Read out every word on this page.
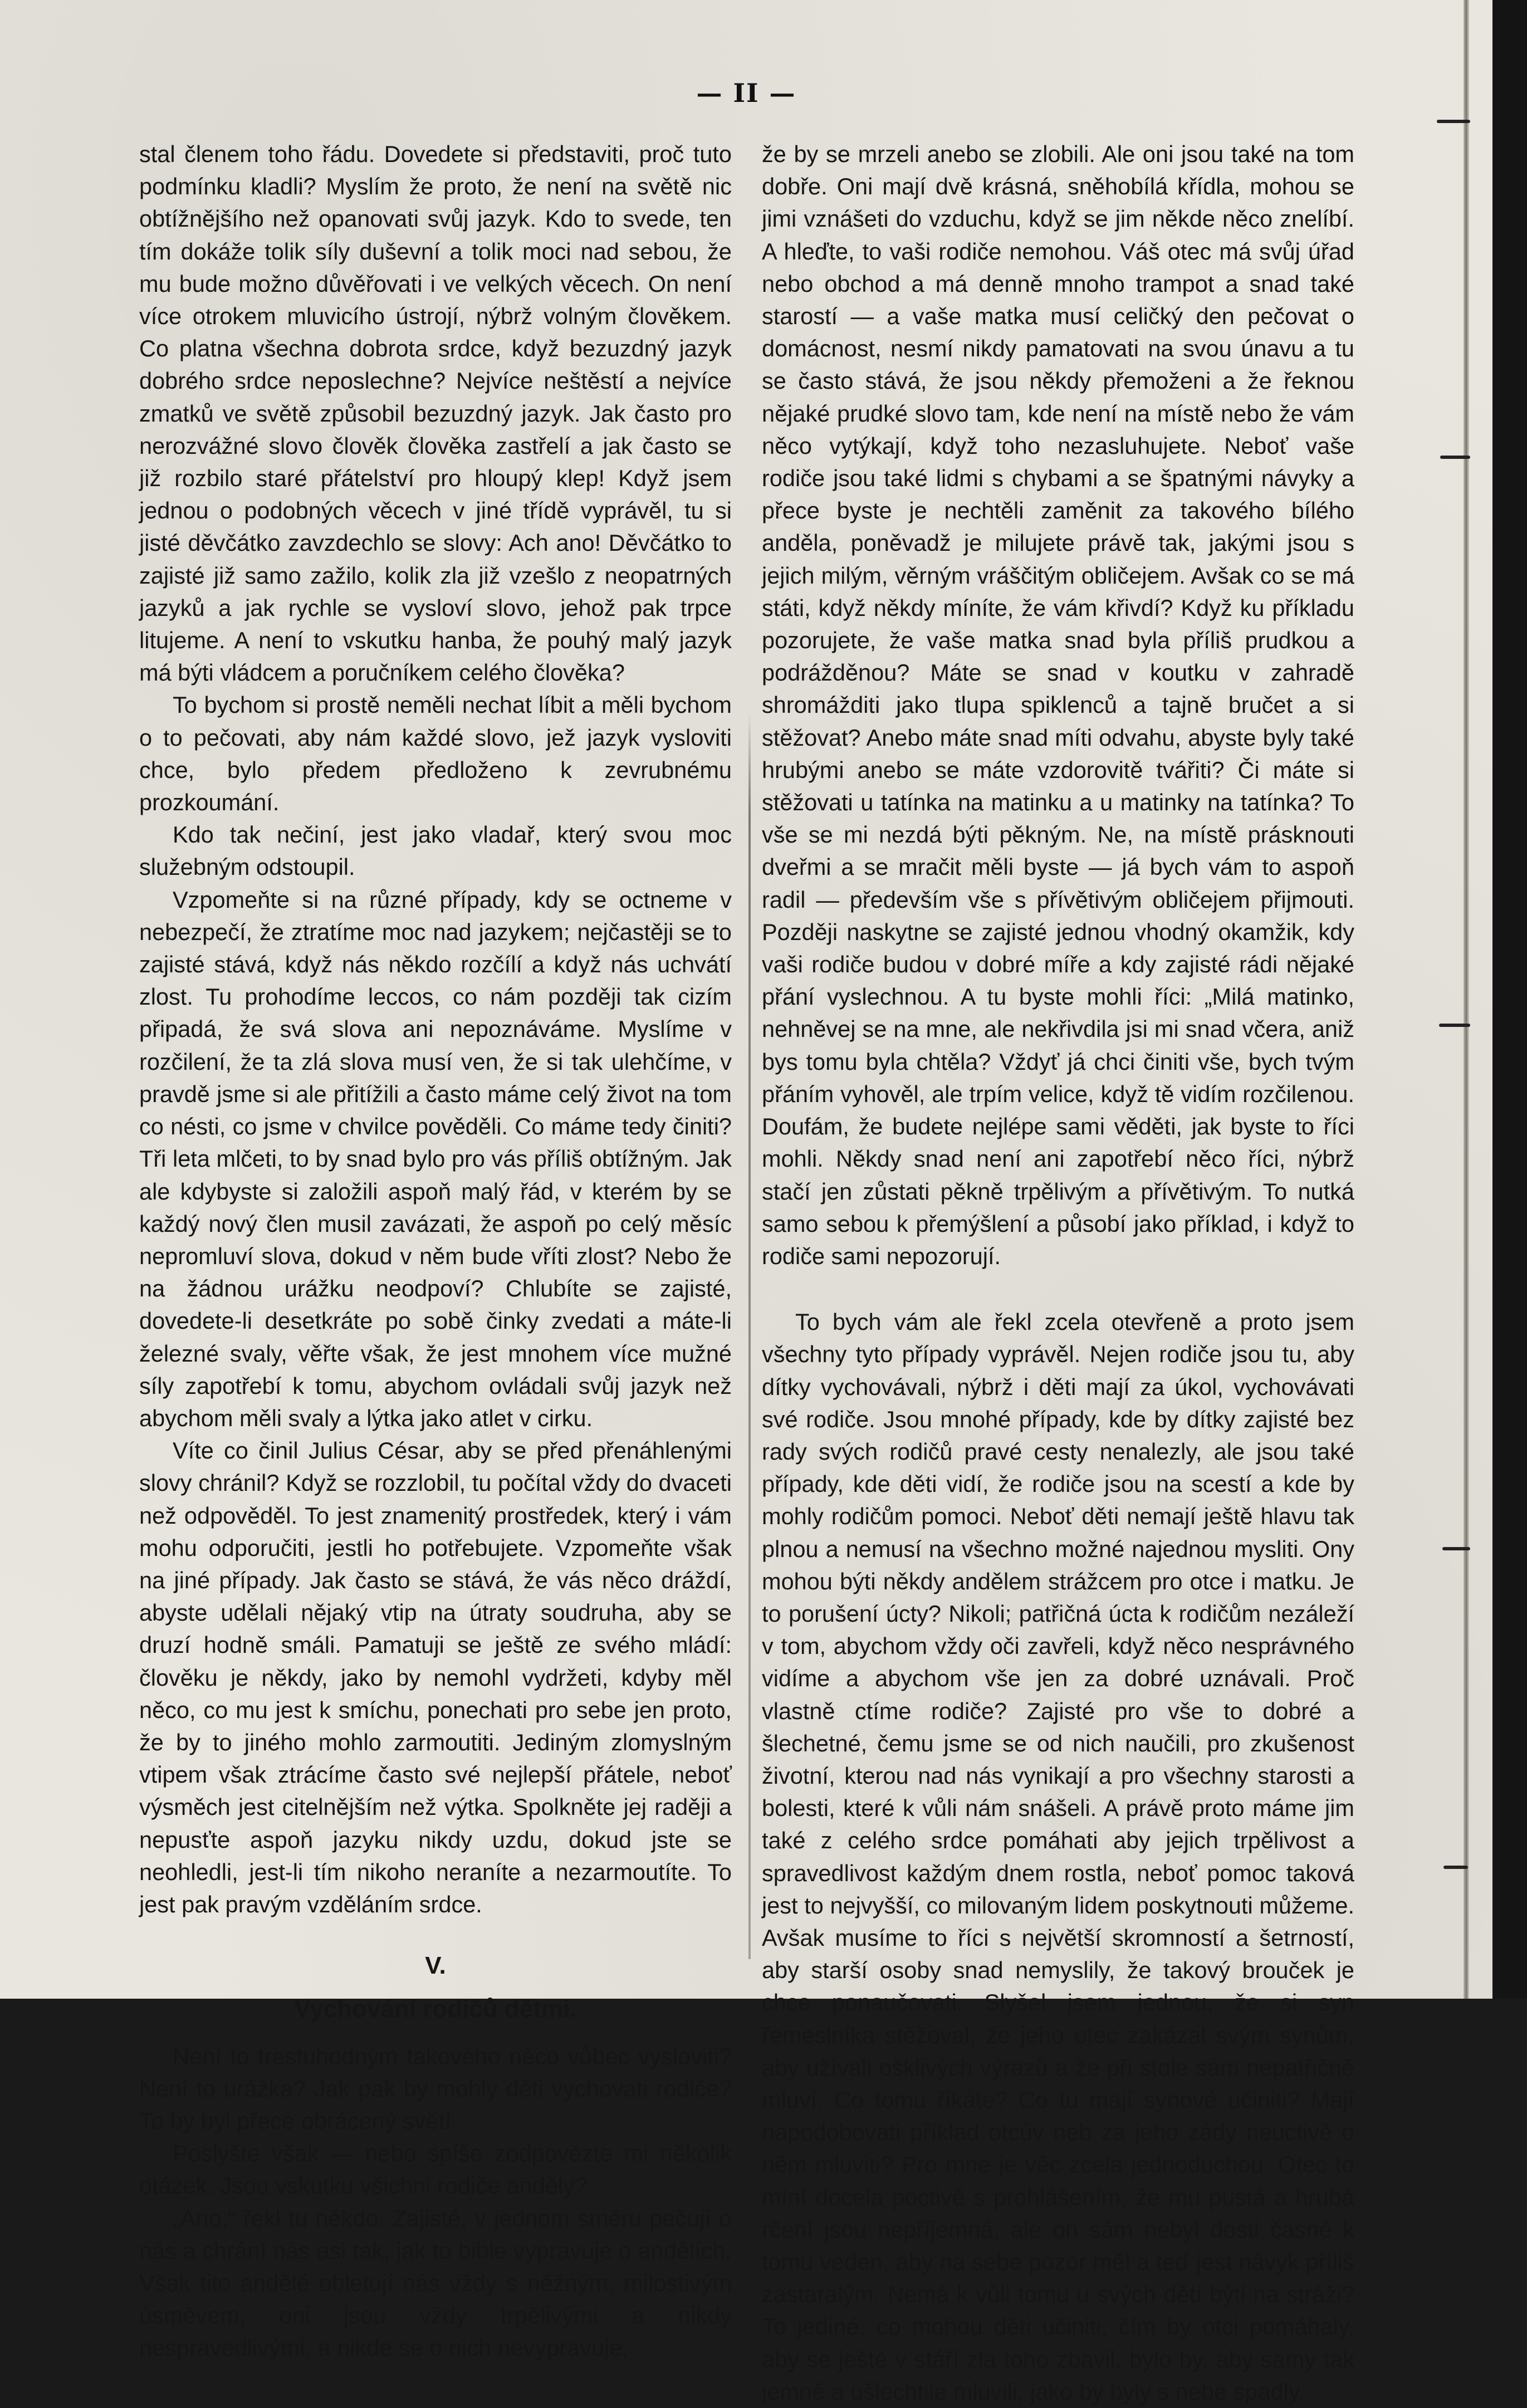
— II —

stal členem toho řádu. Dovedete si představiti, proč tuto podmínku kladli? Myslím že proto, že není na světě nic obtížnějšího než opanovati svůj jazyk. Kdo to svede, ten tím dokáže tolik síly duševní a tolik moci nad sebou, že mu bude možno důvěřovati i ve velkých věcech. On není více otrokem mluvicího ústrojí, nýbrž volným člověkem. Co platna všechna dobrota srdce, když bezuzdný jazyk dobrého srdce neposlechne? Nejvíce neštěstí a nejvíce zmatků ve světě způsobil bezuzdný jazyk. Jak často pro nerozvážné slovo člověk člověka zastřelí a jak často se již rozbilo staré přátelství pro hloupý klep! Když jsem jednou o podobných věcech v jiné třídě vyprávěl, tu si jisté děvčátko zavzdechlo se slovy: Ach ano! Děvčátko to zajisté již samo zažilo, kolik zla již vzešlo z neopatrných jazyků a jak rychle se vysloví slovo, jehož pak trpce litujeme. A není to vskutku hanba, že pouhý malý jazyk má býti vládcem a poručníkem celého člověka?

To bychom si prostě neměli nechat líbit a měli bychom o to pečovati, aby nám každé slovo, jež jazyk vysloviti chce, bylo předem předloženo k zevrubnému prozkoumání.

Kdo tak nečiní, jest jako vladař, který svou moc služebným odstoupil.

Vzpomeňte si na různé případy, kdy se octneme v nebezpečí, že ztratíme moc nad jazykem; nejčastěji se to zajisté stává, když nás někdo rozčílí a když nás uchvátí zlost. Tu prohodíme leccos, co nám později tak cizím připadá, že svá slova ani nepoznáváme. Myslíme v rozčilení, že ta zlá slova musí ven, že si tak ulehčíme, v pravdě jsme si ale přitížili a často máme celý život na tom co nésti, co jsme v chvilce pověděli. Co máme tedy činiti? Tři leta mlčeti, to by snad bylo pro vás příliš obtížným. Jak ale kdybyste si založili aspoň malý řád, v kterém by se každý nový člen musil zavázati, že aspoň po celý měsíc nepromluví slova, dokud v něm bude vříti zlost? Nebo že na žádnou urážku neodpoví? Chlubíte se zajisté, dovedete-li desetkráte po sobě činky zvedati a máte-li železné svaly, věřte však, že jest mnohem více mužné síly zapotřebí k tomu, abychom ovládali svůj jazyk než abychom měli svaly a lýtka jako atlet v cirku.

Víte co činil Julius César, aby se před přenáhlenými slovy chránil? Když se rozzlobil, tu počítal vždy do dvaceti než odpověděl. To jest znamenitý prostředek, který i vám mohu odporučiti, jestli ho potřebujete. Vzpomeňte však na jiné případy. Jak často se stává, že vás něco dráždí, abyste udělali nějaký vtip na útraty soudruha, aby se druzí hodně smáli. Pamatuji se ještě ze svého mládí: člověku je někdy, jako by nemohl vydržeti, kdyby měl něco, co mu jest k smíchu, ponechati pro sebe jen proto, že by to jiného mohlo zarmoutiti. Jediným zlomyslným vtipem však ztrácíme často své nejlepší přátele, neboť výsměch jest citelnějším než výtka. Spolkněte jej raději a nepusťte aspoň jazyku nikdy uzdu, dokud jste se neohledli, jest-li tím nikoho neraníte a nezarmoutíte. To jest pak pravým vzděláním srdce.

V.
Vychování rodičů dětmi.

Není to trestuhodným takového něco vůbec vysloviti? Není to urážka? Jak pak by mohly děti vychovati rodiče? To by byl přece obrácený svět!

Poslyšte však — nebo spíše zodpovězte mi několik otázek. Jsou vskutku všichni rodiče anděly?

„Ano,“ řekl tu někdo. Zajisté, v jednom směru pečují o nás a chrání nás asi tak, jak to bible vypravuje o andělích. Však tito andělé obletují nás vždy s něžným, milostivým úsměvem, oni jsou vždy trpělivými a nikdy nespravedlivými, a nikde se o nich nevypravuje,

že by se mrzeli anebo se zlobili. Ale oni jsou také na tom dobře. Oni mají dvě krásná, sněhobílá křídla, mohou se jimi vznášeti do vzduchu, když se jim někde něco znelíbí. A hleďte, to vaši rodiče nemohou. Váš otec má svůj úřad nebo obchod a má denně mnoho trampot a snad také starostí — a vaše matka musí celičký den pečovat o domácnost, nesmí nikdy pamatovati na svou únavu a tu se často stává, že jsou někdy přemoženi a že řeknou nějaké prudké slovo tam, kde není na místě nebo že vám něco vytýkají, když toho nezasluhujete. Neboť vaše rodiče jsou také lidmi s chybami a se špatnými návyky a přece byste je nechtěli zaměnit za takového bílého anděla, poněvadž je milujete právě tak, jakými jsou s jejich milým, věrným vráščitým obličejem. Avšak co se má státi, když někdy míníte, že vám křivdí? Když ku příkladu pozorujete, že vaše matka snad byla příliš prudkou a podrážděnou? Máte se snad v koutku v zahradě shromážditi jako tlupa spiklenců a tajně bručet a si stěžovat? Anebo máte snad míti odvahu, abyste byly také hrubými anebo se máte vzdorovitě tvářiti? Či máte si stěžovati u tatínka na matinku a u matinky na tatínka? To vše se mi nezdá býti pěkným. Ne, na místě prásknouti dveřmi a se mračit měli byste — já bych vám to aspoň radil — především vše s přívětivým obličejem přijmouti. Později naskytne se zajisté jednou vhodný okamžik, kdy vaši rodiče budou v dobré míře a kdy zajisté rádi nějaké přání vyslechnou. A tu byste mohli říci: „Milá matinko, nehněvej se na mne, ale nekřivdila jsi mi snad včera, aniž bys tomu byla chtěla? Vždyť já chci činiti vše, bych tvým přáním vyhověl, ale trpím velice, když tě vidím rozčilenou. Doufám, že budete nejlépe sami věděti, jak byste to říci mohli. Někdy snad není ani zapotřebí něco říci, nýbrž stačí jen zůstati pěkně trpělivým a přívětivým. To nutká samo sebou k přemýšlení a působí jako příklad, i když to rodiče sami nepozorují.

To bych vám ale řekl zcela otevřeně a proto jsem všechny tyto případy vyprávěl. Nejen rodiče jsou tu, aby dítky vychovávali, nýbrž i děti mají za úkol, vychovávati své rodiče. Jsou mnohé případy, kde by dítky zajisté bez rady svých rodičů pravé cesty nenalezly, ale jsou také případy, kde děti vidí, že rodiče jsou na scestí a kde by mohly rodičům pomoci. Neboť děti nemají ještě hlavu tak plnou a nemusí na všechno možné najednou mysliti. Ony mohou býti někdy andělem strážcem pro otce i matku. Je to porušení úcty? Nikoli; patřičná úcta k rodičům nezáleží v tom, abychom vždy oči zavřeli, když něco nesprávného vidíme a abychom vše jen za dobré uznávali. Proč vlastně ctíme rodiče? Zajisté pro vše to dobré a šlechetné, čemu jsme se od nich naučili, pro zkušenost životní, kterou nad nás vynikají a pro všechny starosti a bolesti, které k vůli nám snášeli. A právě proto máme jim také z celého srdce pomáhati aby jejich trpělivost a spravedlivost každým dnem rostla, neboť pomoc taková jest to nejvyšší, co milovaným lidem poskytnouti můžeme. Avšak musíme to říci s největší skromností a šetrností, aby starší osoby snad nemyslily, že takový brouček je chce ponaučovati. Slyšel jsem jednou, že si syn řemeslníka stěžoval, že jeho otec zakázal svým synům, aby užívali ošklivých výrazů a že při stole sám nepatřičně mluví. Co tomu říkáte? Co tu mají synové učiniti? Mají napodobovati příklad otcův neb za jeho zády neuctivě o něm mluviti? Pro mne je věc zcela jednoduchou. Otec to míní docela poctivě s prohlášením, že mu pustá a hrubá rčení jsou nepříjemná, ale on sám nebyl dosti časně k tomu veden, aby na sebe pozor měl a teď jest návyk příliš zastaralým. Nemá k vůli tomu u svých dětí býti na stráži? To jediné, co mohou děti učiniti, čím by otci pomáhaly, aby se ještě v stáří zla toho zbavil, bylo by, aby samy tak jemně a ušlechtile mluvili, jako by byly s nebe spadly.
